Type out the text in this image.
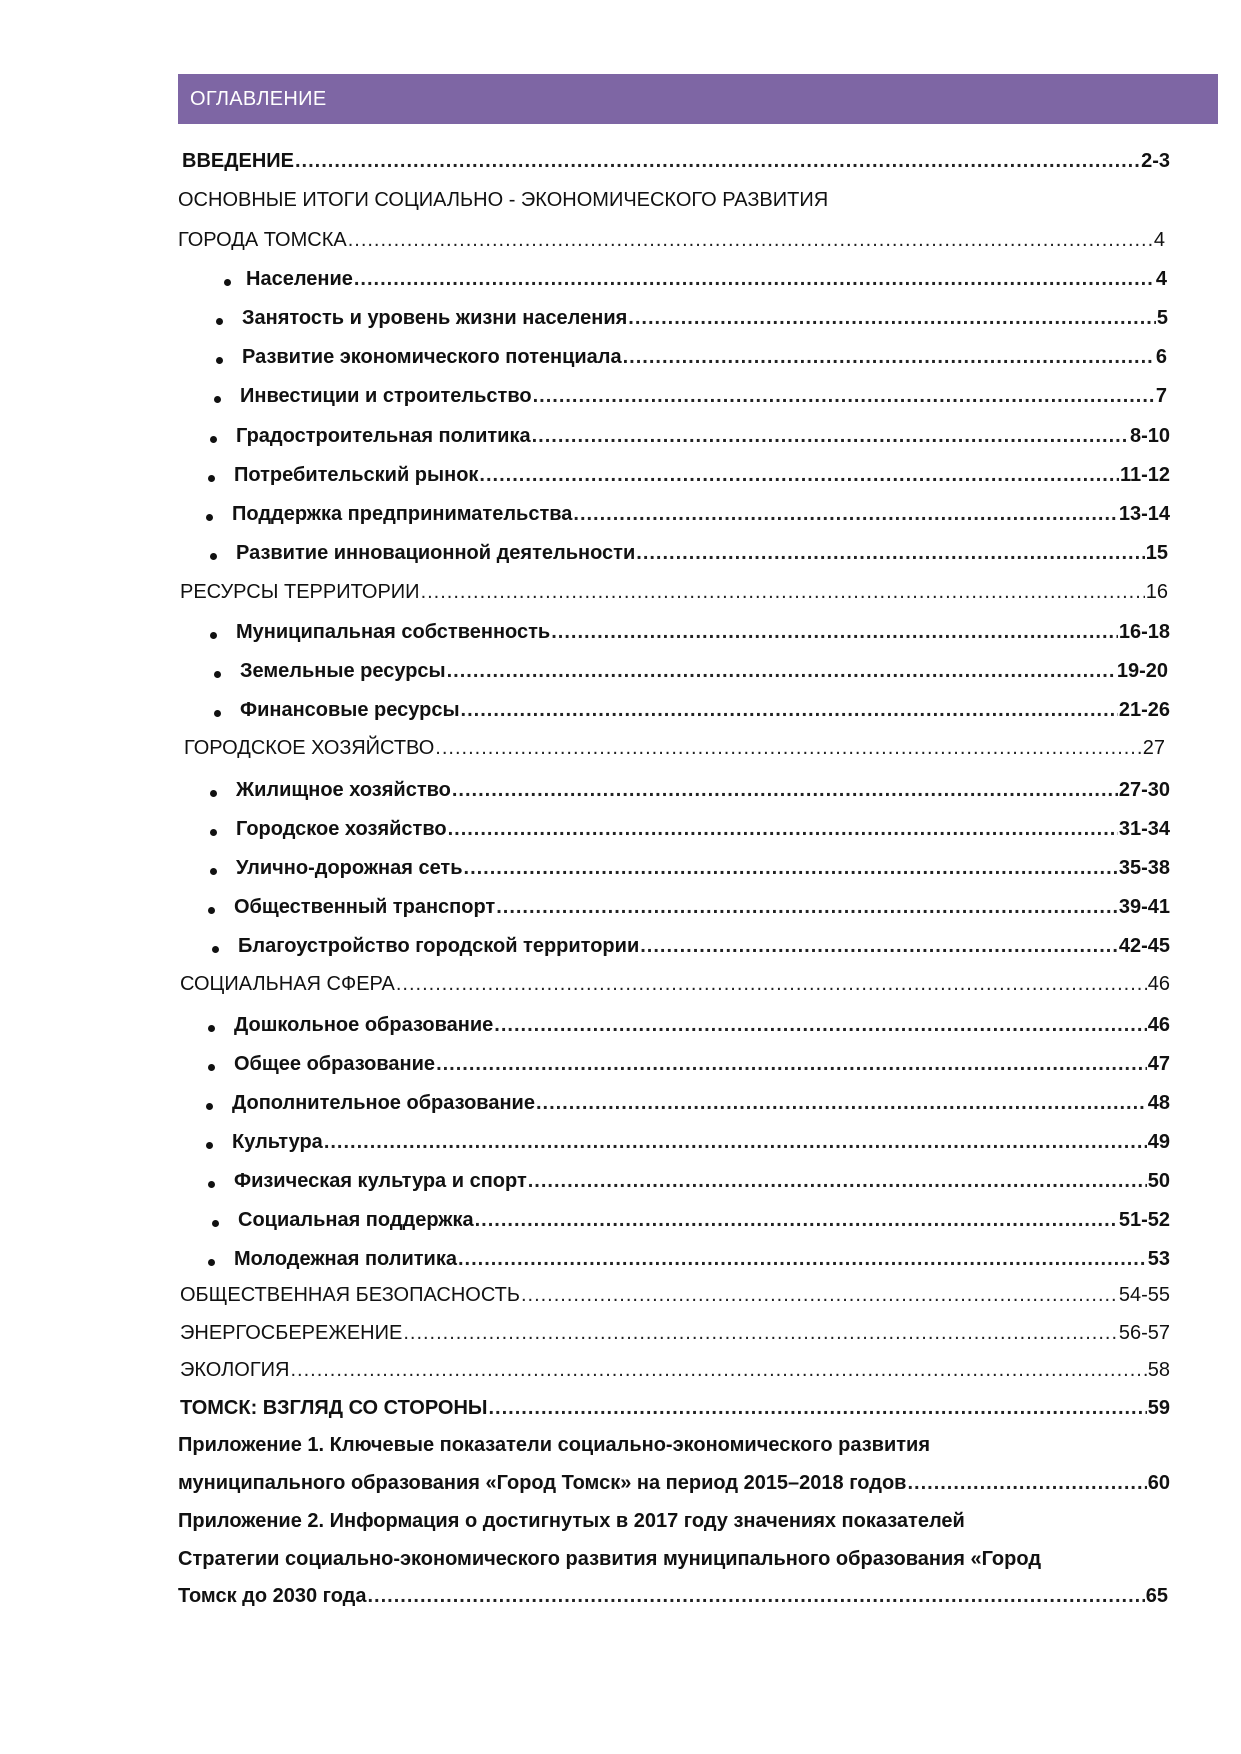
ОГЛАВЛЕНИЕ
ВВЕДЕНИЕ .....	2-3
ОСНОВНЫЕ ИТОГИ СОЦИАЛЬНО - ЭКОНОМИЧЕСКОГО РАЗВИТИЯ
ГОРОДА ТОМСКА .....	4
Население .....	4
Занятость и уровень жизни населения .....	5
Развитие экономического потенциала .....	6
Инвестиции и строительство .....	7
Градостроительная политика .....	8-10
Потребительский рынок .....	11-12
Поддержка предпринимательства .....	13-14
Развитие инновационной деятельности .....	15
РЕСУРСЫ ТЕРРИТОРИИ .....	16
Муниципальная собственность .....	16-18
Земельные ресурсы .....	19-20
Финансовые ресурсы .....	21-26
ГОРОДСКОЕ ХОЗЯЙСТВО .....	27
Жилищное хозяйство .....	27-30
Городское хозяйство .....	31-34
Улично-дорожная сеть .....	35-38
Общественный транспорт .....	39-41
Благоустройство городской территории .....	42-45
СОЦИАЛЬНАЯ СФЕРА .....	46
Дошкольное образование .....	46
Общее образование .....	47
Дополнительное образование .....	48
Культура .....	49
Физическая культура и спорт .....	50
Социальная поддержка .....	51-52
Молодежная политика .....	53
ОБЩЕСТВЕННАЯ БЕЗОПАСНОСТЬ .....	54-55
ЭНЕРГОСБЕРЕЖЕНИЕ .....	56-57
ЭКОЛОГИЯ .....	58
ТОМСК: ВЗГЛЯД СО СТОРОНЫ .....	59
Приложение 1. Ключевые показатели социально-экономического развития
муниципального образования «Город Томск» на период 2015–2018 годов .....	60
Приложение 2. Информация о достигнутых в 2017 году значениях показателей
Стратегии социально-экономического развития муниципального образования «Город
Томск до 2030 года .....	65
